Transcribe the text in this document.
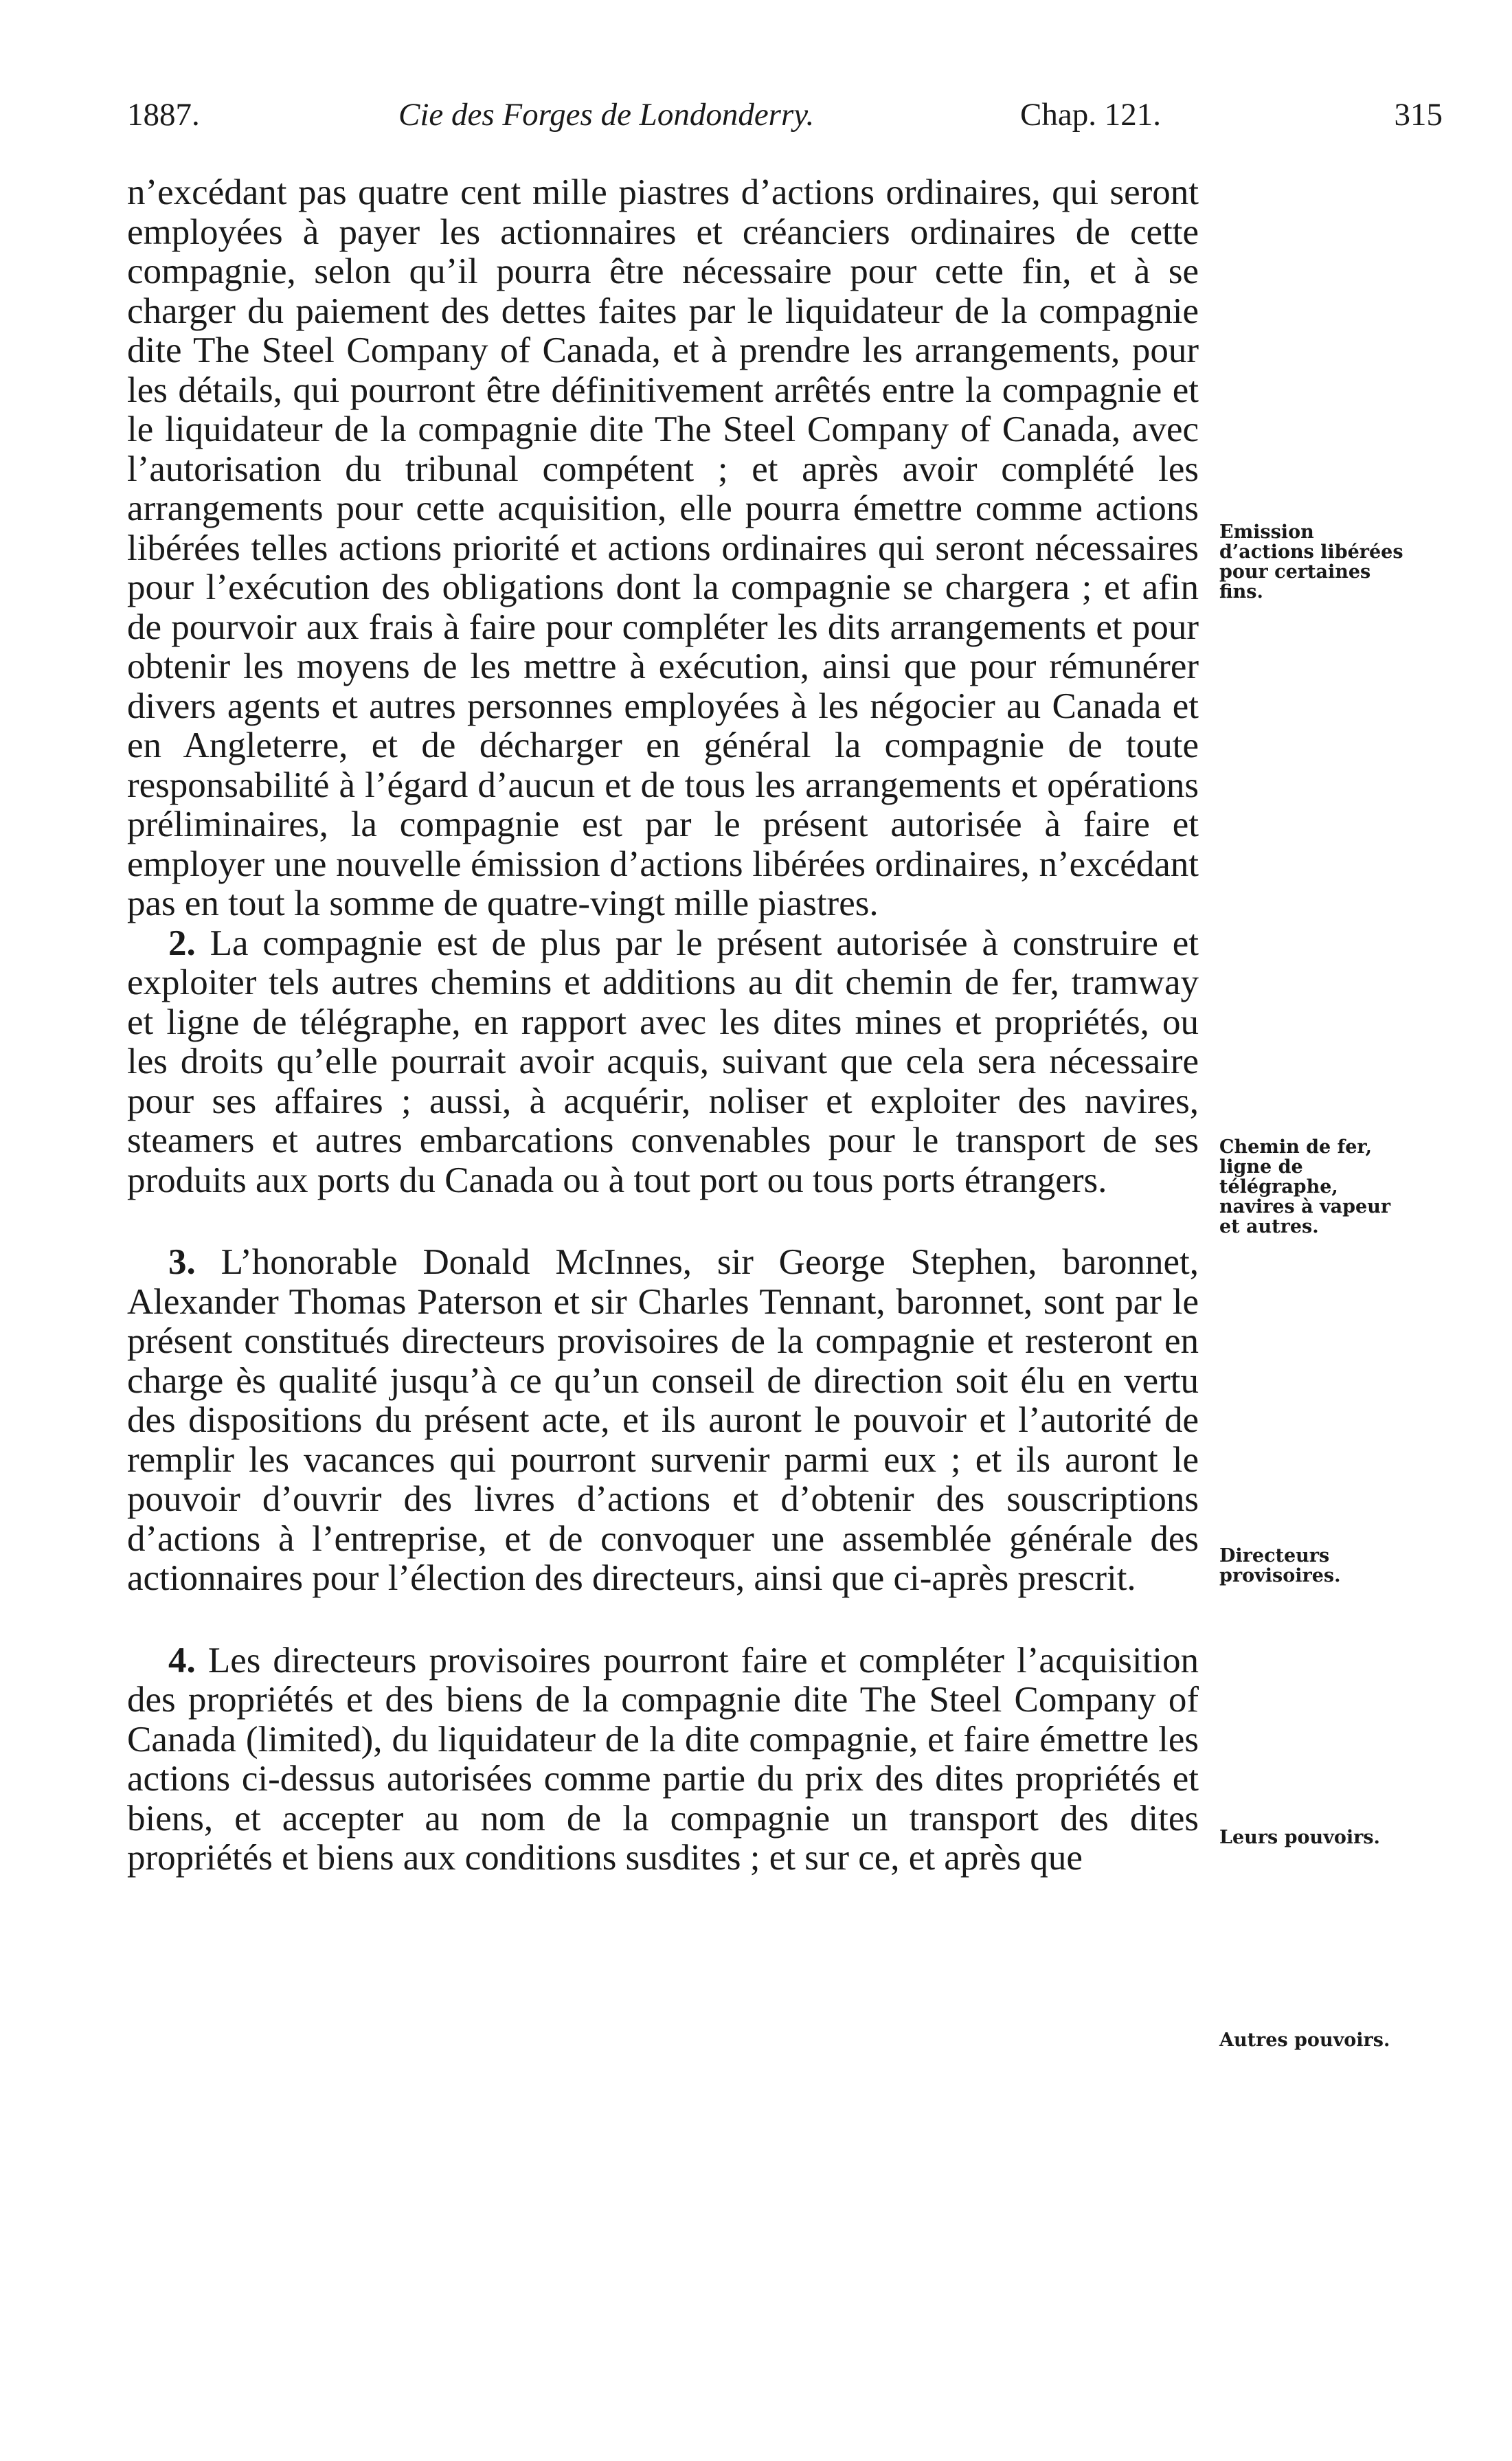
1887.	Cie des Forges de Londonderry.	Chap. 121.	315

n’excédant pas quatre cent mille piastres d’actions ordinaires, qui seront employées à payer les actionnaires et créanciers ordinaires de cette compagnie, selon qu’il pourra être nécessaire pour cette fin, et à se charger du paiement des dettes faites par le liquidateur de la compagnie dite The Steel Company of Canada, et à prendre les arrangements, pour les détails, qui pourront être définitivement arrêtés entre la compagnie et le liquidateur de la compagnie dite The Steel Company of Canada, avec l’autorisation du tribunal compétent ; et après avoir complété les arrangements pour cette acquisition, elle pourra émettre comme actions libérées telles actions priorité et actions ordinaires qui seront nécessaires pour l’exécution des obligations dont la compagnie se chargera ; et afin de pourvoir aux frais à faire pour compléter les dits arrangements et pour obtenir les moyens de les mettre à exécution, ainsi que pour rémunérer divers agents et autres personnes employées à les négocier au Canada et en Angleterre, et de décharger en général la compagnie de toute responsabilité à l’égard d’aucun et de tous les arrangements et opérations préliminaires, la compagnie est par le présent autorisée à faire et employer une nouvelle émission d’actions libérées ordinaires, n’excédant pas en tout la somme de quatre-vingt mille piastres.

2. La compagnie est de plus par le présent autorisée à construire et exploiter tels autres chemins et additions au dit chemin de fer, tramway et ligne de télégraphe, en rapport avec les dites mines et propriétés, ou les droits qu’elle pourrait avoir acquis, suivant que cela sera nécessaire pour ses affaires ; aussi, à acquérir, noliser et exploiter des navires, steamers et autres embarcations convenables pour le transport de ses produits aux ports du Canada ou à tout port ou tous ports étrangers.

3. L’honorable Donald McInnes, sir George Stephen, baronnet, Alexander Thomas Paterson et sir Charles Tennant, baronnet, sont par le présent constitués directeurs provisoires de la compagnie et resteront en charge ès qualité jusqu’à ce qu’un conseil de direction soit élu en vertu des dispositions du présent acte, et ils auront le pouvoir et l’autorité de remplir les vacances qui pourront survenir parmi eux ; et ils auront le pouvoir d’ouvrir des livres d’actions et d’obtenir des souscriptions d’actions à l’entreprise, et de convoquer une assemblée générale des actionnaires pour l’élection des directeurs, ainsi que ci-après prescrit.

4. Les directeurs provisoires pourront faire et compléter l’acquisition des propriétés et des biens de la compagnie dite The Steel Company of Canada (limited), du liquidateur de la dite compagnie, et faire émettre les actions ci-dessus autorisées comme partie du prix des dites propriétés et biens, et accepter au nom de la compagnie un transport des dites propriétés et biens aux conditions susdites ; et sur ce, et après que

Emission d’actions libérées pour certaines fins.
Chemin de fer, ligne de télégraphe, navires à vapeur et autres.
Directeurs provisoires.
Leurs pouvoirs.
Autres pouvoirs.
